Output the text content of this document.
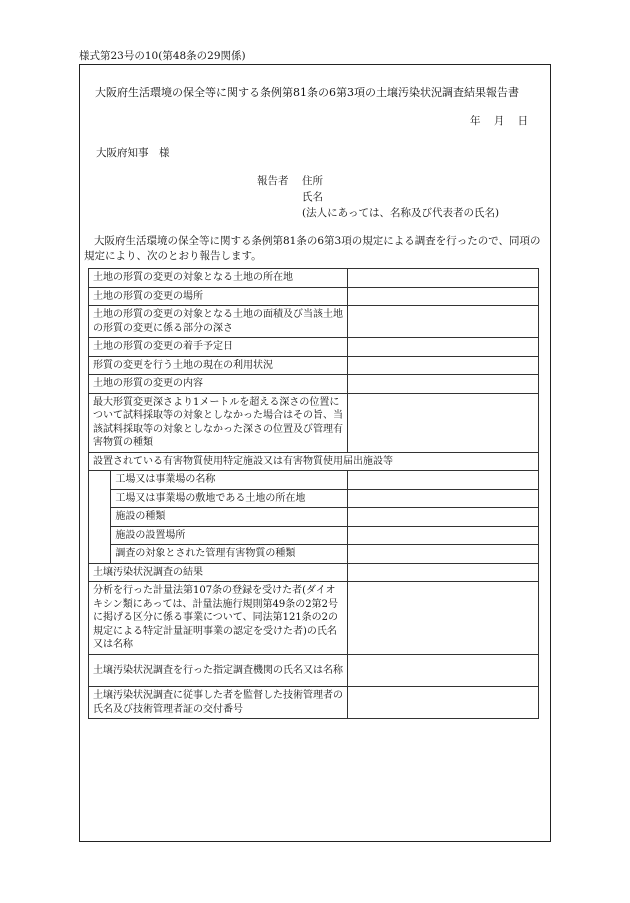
様式第23号の10(第48条の29関係)
大阪府生活環境の保全等に関する条例第81条の6第3項の土壌汚染状況調査結果報告書
年 月 日
大阪府知事　様
報告者 住所
氏名
(法人にあっては、名称及び代表者の氏名)
大阪府生活環境の保全等に関する条例第81条の6第3項の規定による調査を行ったので、同項の規定により、次のとおり報告します。
土地の形質の変更の対象となる土地の所在地		
土地の形質の変更の場所		
土地の形質の変更の対象となる土地の面積及び当該土地の形質の変更に係る部分の深さ		
土地の形質の変更の着手予定日		
形質の変更を行う土地の現在の利用状況		
土地の形質の変更の内容		
最大形質変更深さより1メートルを超える深さの位置について試料採取等の対象としなかった場合はその旨、当該試料採取等の対象としなかった深さの位置及び管理有害物質の種類		
設置されている有害物質使用特定施設又は有害物質使用届出施設等		
	工場又は事業場の名称	
	工場又は事業場の敷地である土地の所在地	
	施設の種類	
	施設の設置場所	
	調査の対象とされた管理有害物質の種類	
土壌汚染状況調査の結果		
分析を行った計量法第107条の登録を受けた者(ダイオキシン類にあっては、計量法施行規則第49条の2第2号に掲げる区分に係る事業について、同法第121条の2の規定による特定計量証明事業の認定を受けた者)の氏名又は名称		
土壌汚染状況調査を行った指定調査機関の氏名又は名称		
土壌汚染状況調査に従事した者を監督した技術管理者の氏名及び技術管理者証の交付番号		
